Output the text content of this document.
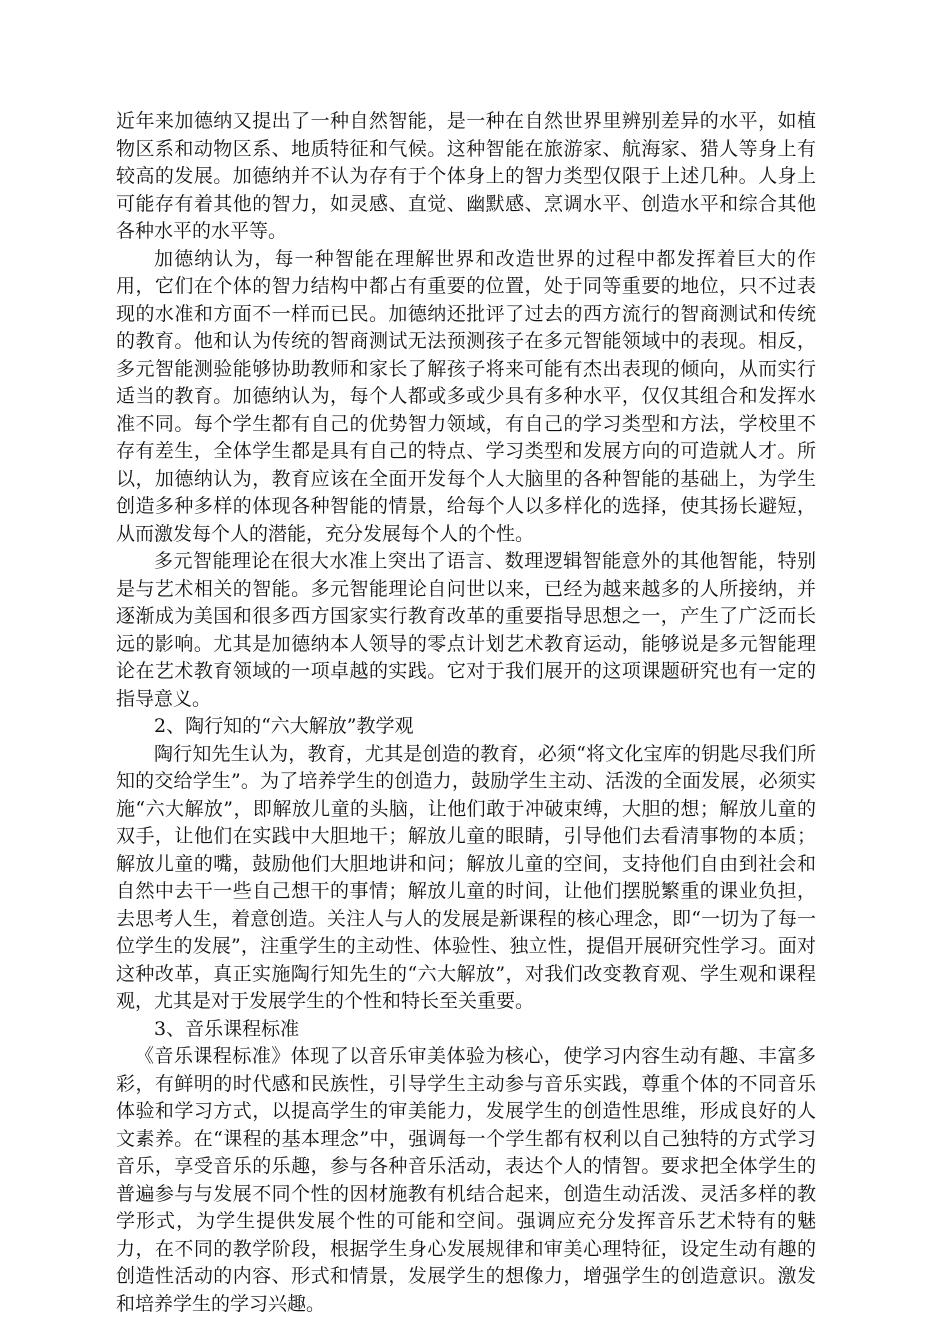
近年来加德纳又提出了一种自然智能，是一种在自然世界里辨别差异的水平，如植物区系和动物区系、地质特征和气候。这种智能在旅游家、航海家、猎人等身上有较高的发展。加德纳并不认为存有于个体身上的智力类型仅限于上述几种。人身上可能存有着其他的智力，如灵感、直觉、幽默感、烹调水平、创造水平和综合其他各种水平的水平等。

加德纳认为，每一种智能在理解世界和改造世界的过程中都发挥着巨大的作用，它们在个体的智力结构中都占有重要的位置，处于同等重要的地位，只不过表现的水准和方面不一样而已民。加德纳还批评了过去的西方流行的智商测试和传统的教育。他和认为传统的智商测试无法预测孩子在多元智能领域中的表现。相反，多元智能测验能够协助教师和家长了解孩子将来可能有杰出表现的倾向，从而实行适当的教育。加德纳认为，每个人都或多或少具有多种水平，仅仅其组合和发挥水准不同。每个学生都有自己的优势智力领域，有自己的学习类型和方法，学校里不存有差生，全体学生都是具有自己的特点、学习类型和发展方向的可造就人才。所以，加德纳认为，教育应该在全面开发每个人大脑里的各种智能的基础上，为学生创造多种多样的体现各种智能的情景，给每个人以多样化的选择，使其扬长避短，从而激发每个人的潜能，充分发展每个人的个性。

多元智能理论在很大水准上突出了语言、数理逻辑智能意外的其他智能，特别是与艺术相关的智能。多元智能理论自问世以来，已经为越来越多的人所接纳，并逐渐成为美国和很多西方国家实行教育改革的重要指导思想之一，产生了广泛而长远的影响。尤其是加德纳本人领导的零点计划艺术教育运动，能够说是多元智能理论在艺术教育领域的一项卓越的实践。它对于我们展开的这项课题研究也有一定的指导意义。

2、陶行知的“六大解放”教学观

陶行知先生认为，教育，尤其是创造的教育，必须“将文化宝库的钥匙尽我们所知的交给学生”。为了培养学生的创造力，鼓励学生主动、活泼的全面发展，必须实施“六大解放”，即解放儿童的头脑，让他们敢于冲破束缚，大胆的想；解放儿童的双手，让他们在实践中大胆地干；解放儿童的眼睛，引导他们去看清事物的本质；解放儿童的嘴，鼓励他们大胆地讲和问；解放儿童的空间，支持他们自由到社会和自然中去干一些自己想干的事情；解放儿童的时间，让他们摆脱繁重的课业负担，去思考人生，着意创造。关注人与人的发展是新课程的核心理念，即“一切为了每一位学生的发展”，注重学生的主动性、体验性、独立性，提倡开展研究性学习。面对这种改革，真正实施陶行知先生的“六大解放”，对我们改变教育观、学生观和课程观，尤其是对于发展学生的个性和特长至关重要。

3、音乐课程标准

《音乐课程标准》体现了以音乐审美体验为核心，使学习内容生动有趣、丰富多彩，有鲜明的时代感和民族性，引导学生主动参与音乐实践，尊重个体的不同音乐体验和学习方式，以提高学生的审美能力，发展学生的创造性思维，形成良好的人文素养。在“课程的基本理念”中，强调每一个学生都有权利以自己独特的方式学习音乐，享受音乐的乐趣，参与各种音乐活动，表达个人的情智。要求把全体学生的普遍参与与发展不同个性的因材施教有机结合起来，创造生动活泼、灵活多样的教学形式，为学生提供发展个性的可能和空间。强调应充分发挥音乐艺术特有的魅力，在不同的教学阶段，根据学生身心发展规律和审美心理特征，设定生动有趣的创造性活动的内容、形式和情景，发展学生的想像力，增强学生的创造意识。激发和培养学生的学习兴趣。
